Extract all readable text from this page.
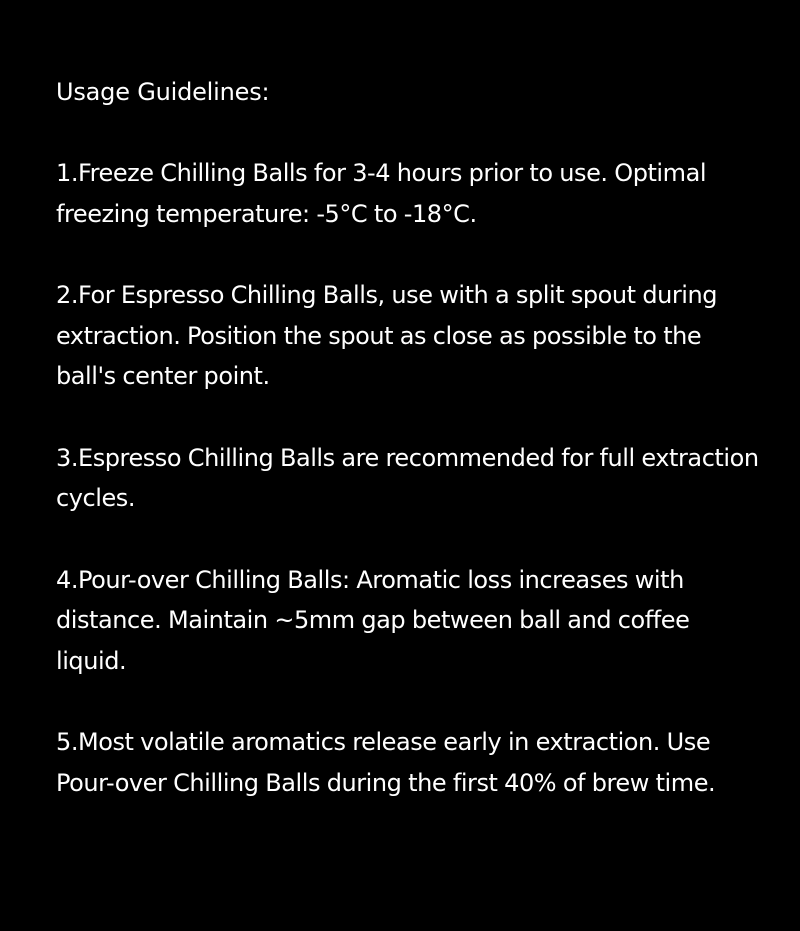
Usage Guidelines:
1.Freeze Chilling Balls for 3-4 hours prior to use. Optimal freezing temperature: -5°C to -18°C.
2.For Espresso Chilling Balls, use with a split spout during extraction. Position the spout as close as possible to the ball's center point.
3.Espresso Chilling Balls are recommended for full extraction cycles.
4.Pour-over Chilling Balls: Aromatic loss increases with distance. Maintain ~5mm gap between ball and coffee liquid.
5.Most volatile aromatics release early in extraction. Use Pour-over Chilling Balls during the first 40% of brew time.
